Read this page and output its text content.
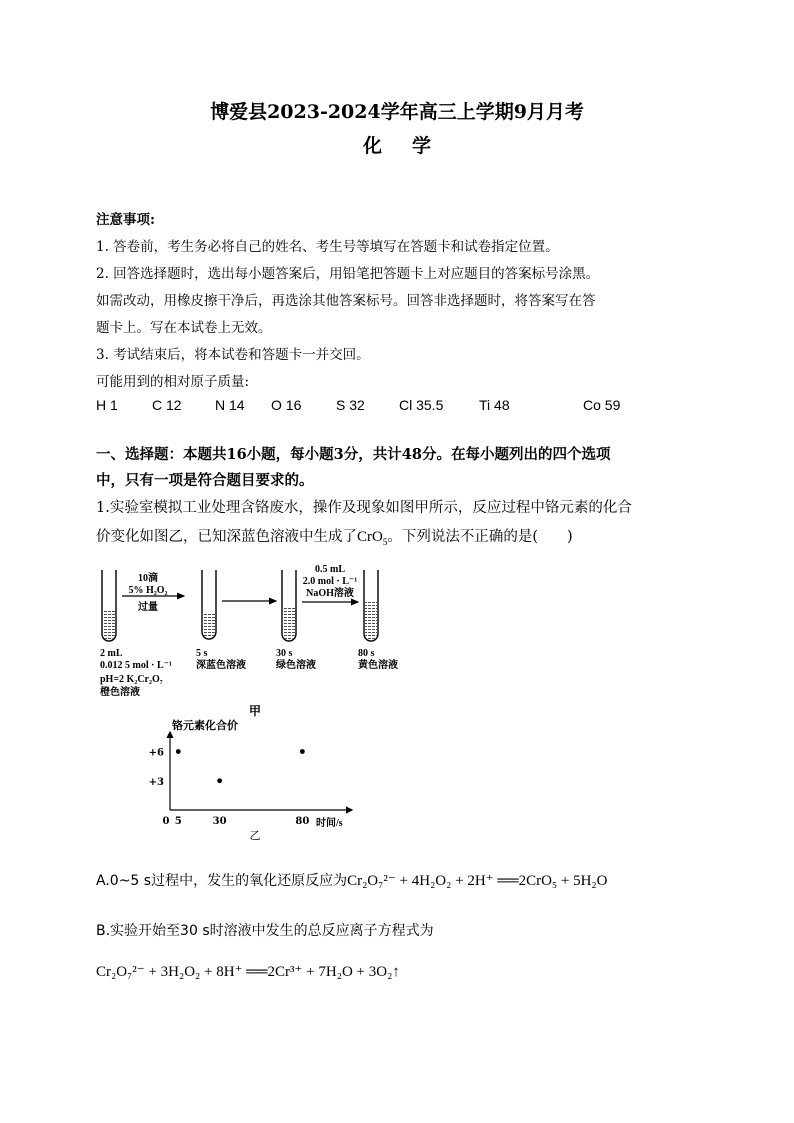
博爱县2023-2024学年高三上学期9月月考
化 学
注意事项:
1. 答卷前，考生务必将自己的姓名、考生号等填写在答题卡和试卷指定位置。
2. 回答选择题时，选出每小题答案后，用铅笔把答题卡上对应题目的答案标号涂黑。
如需改动，用橡皮擦干净后，再选涂其他答案标号。回答非选择题时，将答案写在答
题卡上。写在本试卷上无效。
3. 考试结束后，将本试卷和答题卡一并交回。
可能用到的相对原子质量:
H 1 C 12 N 14 O 16 S 32 Cl 35.5	Ti 48	Co 59
一、选择题：本题共16小题，每小题3分，共计48分。在每小题列出的四个选项
中，只有一项是符合题目要求的。
1.实验室模拟工业处理含铬废水，操作及现象如图甲所示，反应过程中铬元素的化合
价变化如图乙，已知深蓝色溶液中生成了CrO$_5$。下列说法不正确的是(　　)
10滴
5% H₂O₂
过量
0.5 mL
2.0 mol · L⁻¹
NaOH溶液
2 mL
0.012 5 mol · L⁻¹
pH=2 K₂Cr₂O₇
橙色溶液
5 s
深蓝色溶液
30 s
绿色溶液
80 s
黄色溶液
甲
铬元素化合价
时间/s
乙
0 5	30	80
+3
+6
A.0~5 s过程中，发生的氧化还原反应为Cr₂O₇²⁻ + 4H₂O₂ + 2H⁺ ══2CrO₅ + 5H₂O
B.实验开始至30 s时溶液中发生的总反应离子方程式为
Cr₂O₇²⁻ + 3H₂O₂ + 8H⁺ ══2Cr³⁺ + 7H₂O + 3O₂↑
